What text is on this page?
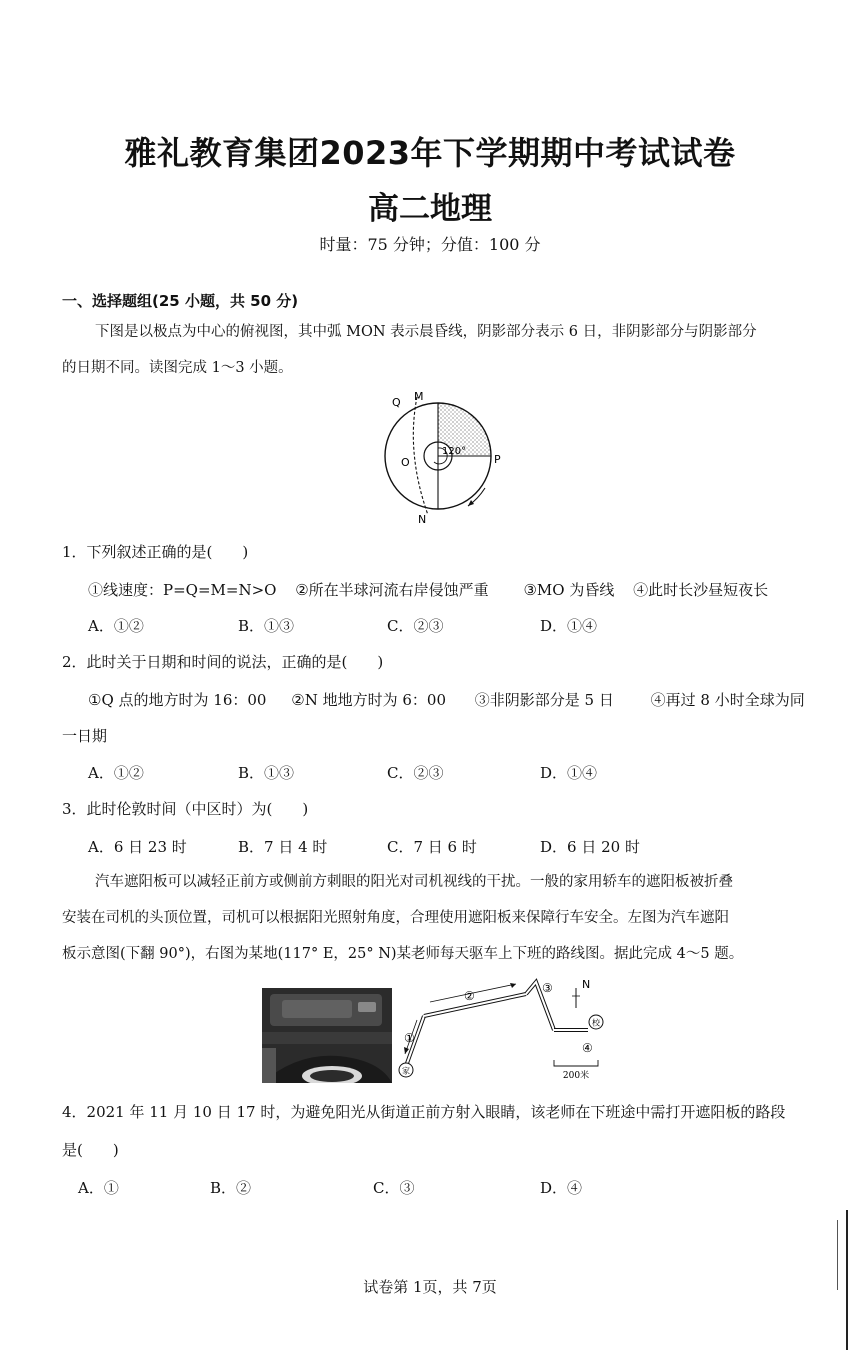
雅礼教育集团2023年下学期期中考试试卷
高二地理
时量：75 分钟；分值：100 分
一、选择题组(25 小题，共 50 分)
下图是以极点为中心的俯视图，其中弧 MON 表示晨昏线，阴影部分表示 6 日，非阴影部分与阴影部分
的日期不同。读图完成 1～3 小题。
Q M
O	P
N
120°
1．下列叙述正确的是(　　)
①线速度：P=Q=M=N>O ②所在半球河流右岸侵蚀严重 ③MO 为昏线 ④此时长沙昼短夜长
A．①②	B．①③	C．②③	D．①④
2．此时关于日期和时间的说法，正确的是(　　)
①Q 点的地方时为 16：00 ②N 地地方时为 6：00 ③非阴影部分是 5 日 ④再过 8 小时全球为同
一日期
A．①②	B．①③	C．②③	D．①④
3．此时伦敦时间（中区时）为(　　)
A．6 日 23 时	B．7 日 4 时	C．7 日 6 时	D．6 日 20 时
汽车遮阳板可以减轻正前方或侧前方刺眼的阳光对司机视线的干扰。一般的家用轿车的遮阳板被折叠
安装在司机的头顶位置，司机可以根据阳光照射角度，合理使用遮阳板来保障行车安全。左图为汽车遮阳
板示意图(下翻 90°)，右图为某地(117° E，25° N)某老师每天驱车上下班的路线图。据此完成 4～5 题。
家
校
①
②
③
④
N
200米
4．2021 年 11 月 10 日 17 时，为避免阳光从街道正前方射入眼睛，该老师在下班途中需打开遮阳板的路段
是(　　)
A．①	B．②	C．③	D．④
试卷第 1页，共 7页
